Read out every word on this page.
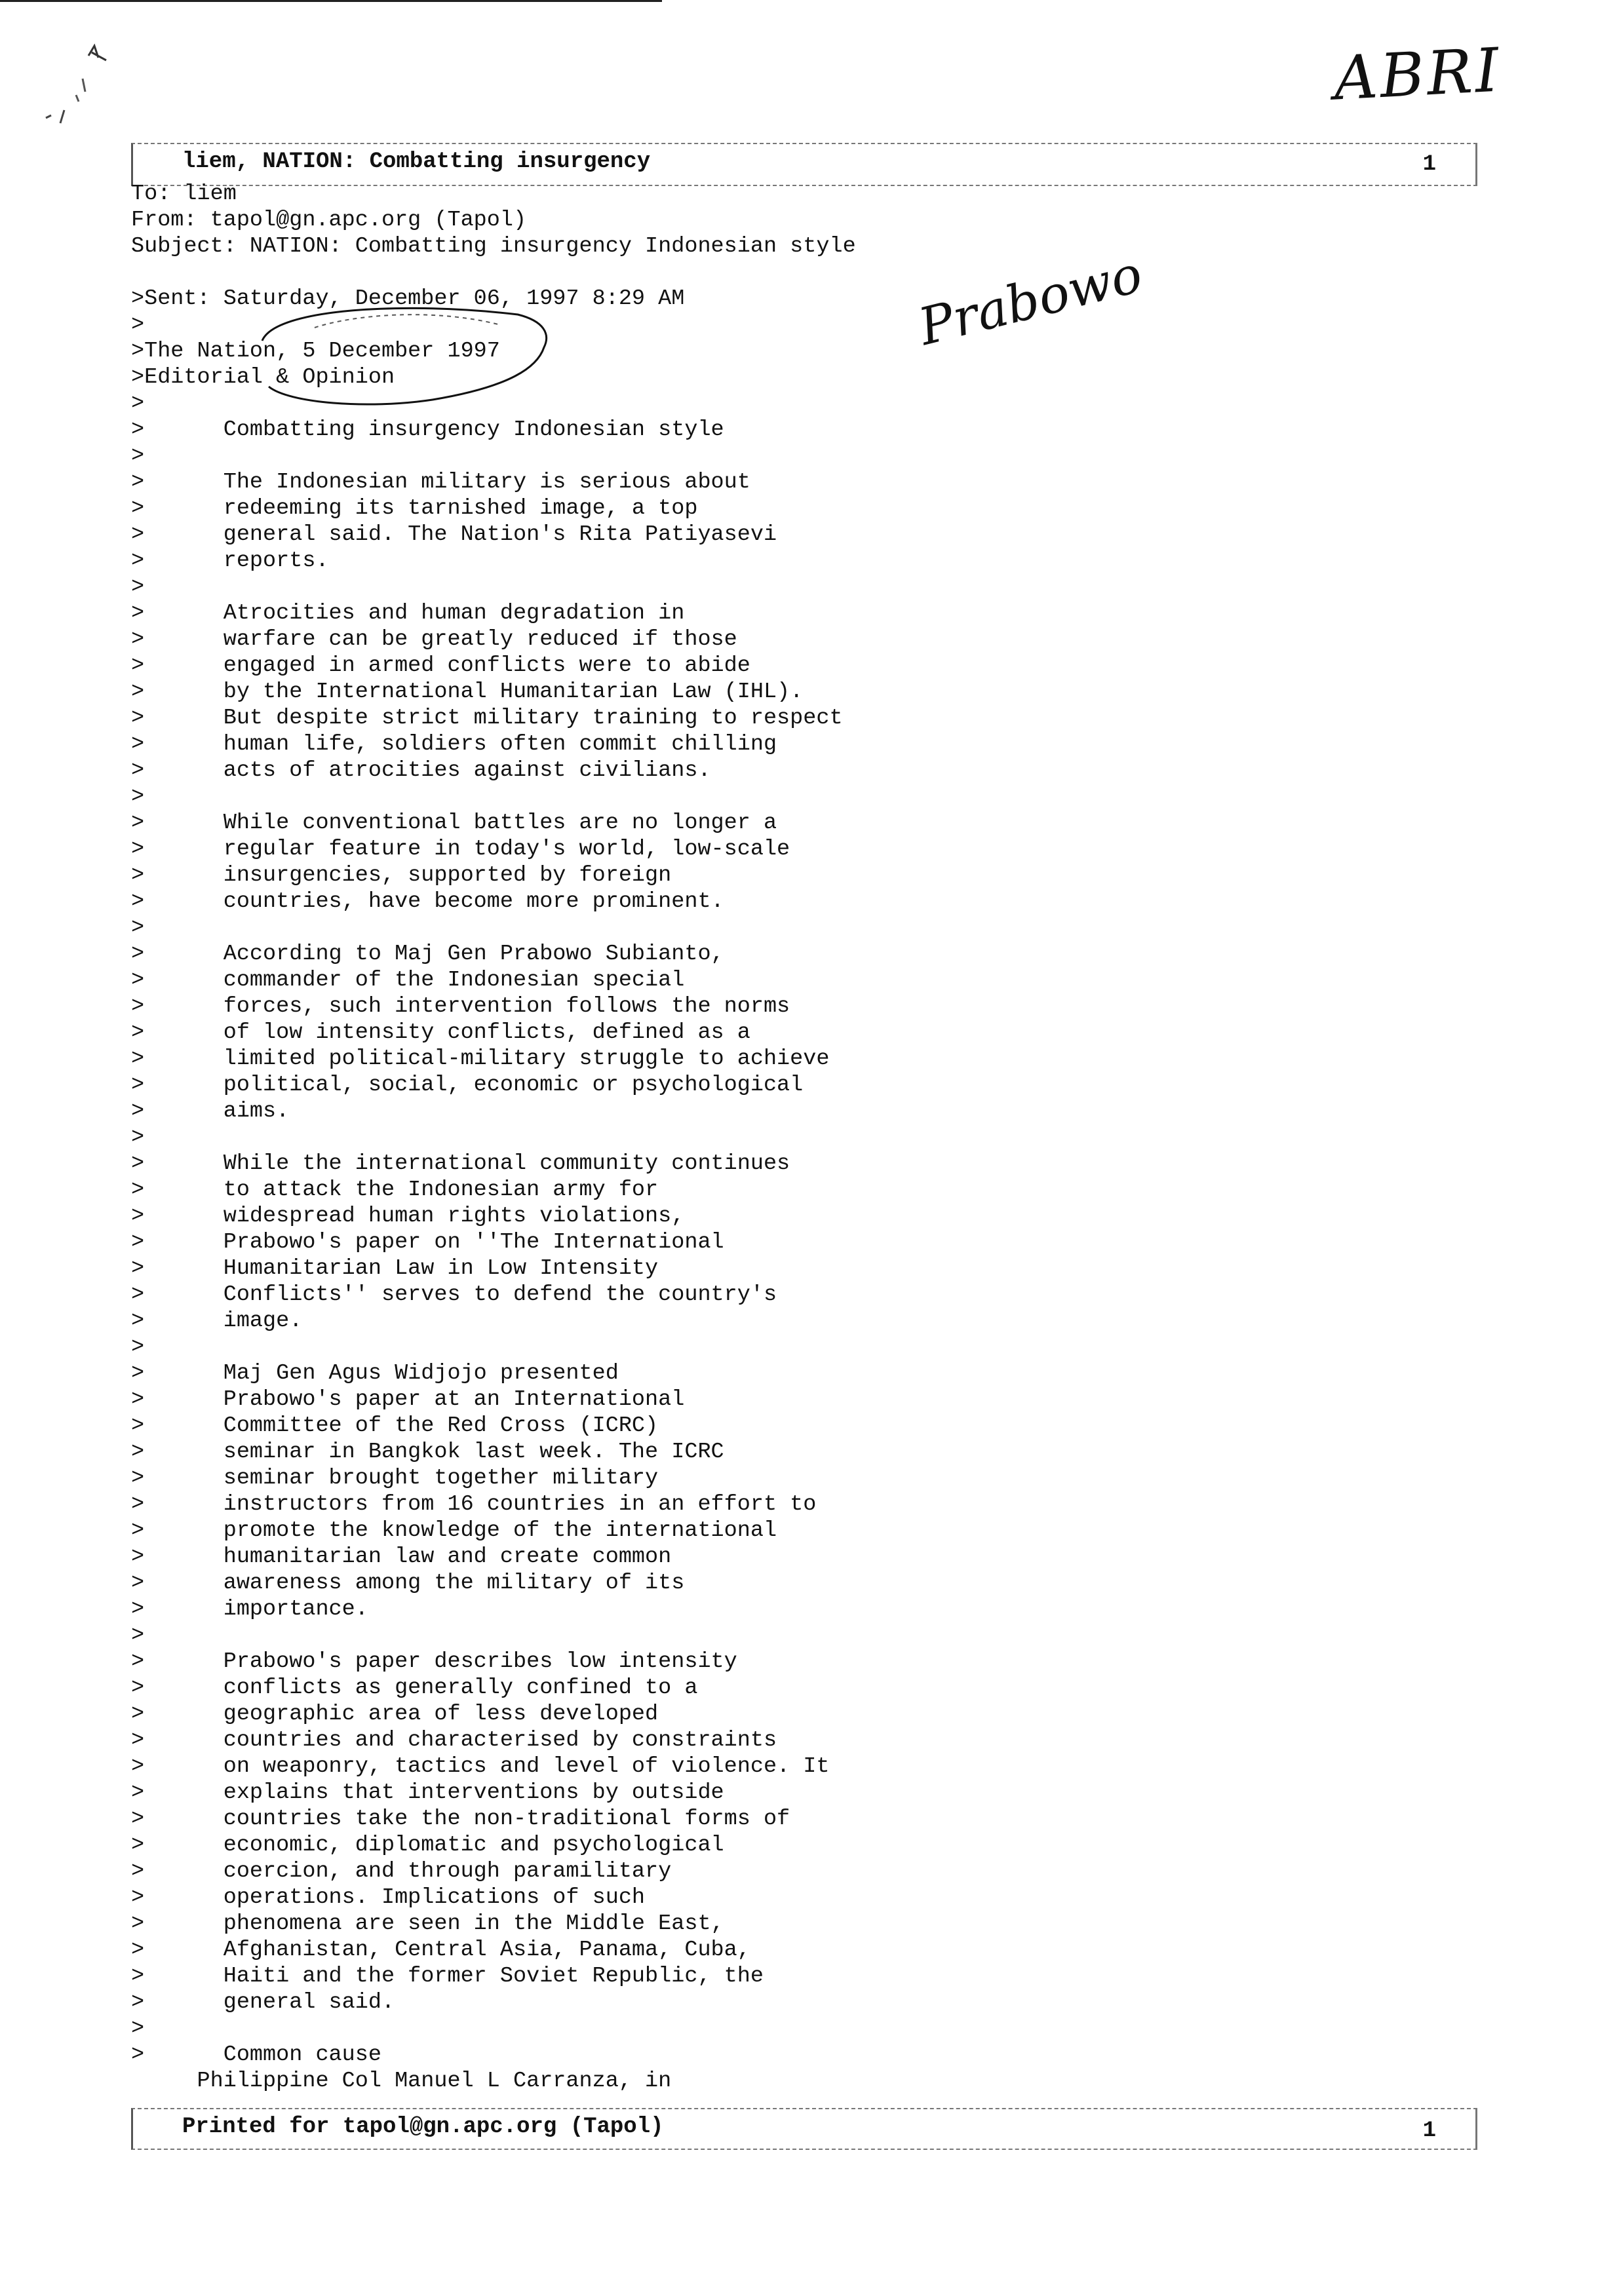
ABRI
liem, NATION: Combatting insurgency	1
To: liem
From: tapol@gn.apc.org (Tapol)
Subject: NATION: Combatting insurgency Indonesian style

>Sent: Saturday, December 06, 1997 8:29 AM
>
>The Nation, 5 December 1997
>Editorial & Opinion
>
>      Combatting insurgency Indonesian style
>
>      The Indonesian military is serious about
>      redeeming its tarnished image, a top
>      general said. The Nation's Rita Patiyasevi
>      reports.
>
>      Atrocities and human degradation in
>      warfare can be greatly reduced if those
>      engaged in armed conflicts were to abide
>      by the International Humanitarian Law (IHL).
>      But despite strict military training to respect
>      human life, soldiers often commit chilling
>      acts of atrocities against civilians.
>
>      While conventional battles are no longer a
>      regular feature in today's world, low-scale
>      insurgencies, supported by foreign
>      countries, have become more prominent.
>
>      According to Maj Gen Prabowo Subianto,
>      commander of the Indonesian special
>      forces, such intervention follows the norms
>      of low intensity conflicts, defined as a
>      limited political-military struggle to achieve
>      political, social, economic or psychological
>      aims.
>
>      While the international community continues
>      to attack the Indonesian army for
>      widespread human rights violations,
>      Prabowo's paper on ''The International
>      Humanitarian Law in Low Intensity
>      Conflicts'' serves to defend the country's
>      image.
>
>      Maj Gen Agus Widjojo presented
>      Prabowo's paper at an International
>      Committee of the Red Cross (ICRC)
>      seminar in Bangkok last week. The ICRC
>      seminar brought together military
>      instructors from 16 countries in an effort to
>      promote the knowledge of the international
>      humanitarian law and create common
>      awareness among the military of its
>      importance.
>
>      Prabowo's paper describes low intensity
>      conflicts as generally confined to a
>      geographic area of less developed
>      countries and characterised by constraints
>      on weaponry, tactics and level of violence. It
>      explains that interventions by outside
>      countries take the non-traditional forms of
>      economic, diplomatic and psychological
>      coercion, and through paramilitary
>      operations. Implications of such
>      phenomena are seen in the Middle East,
>      Afghanistan, Central Asia, Panama, Cuba,
>      Haiti and the former Soviet Republic, the
>      general said.
>
>      Common cause
Philippine Col Manuel L Carranza, in
Prabowo
Printed for tapol@gn.apc.org (Tapol)	1
